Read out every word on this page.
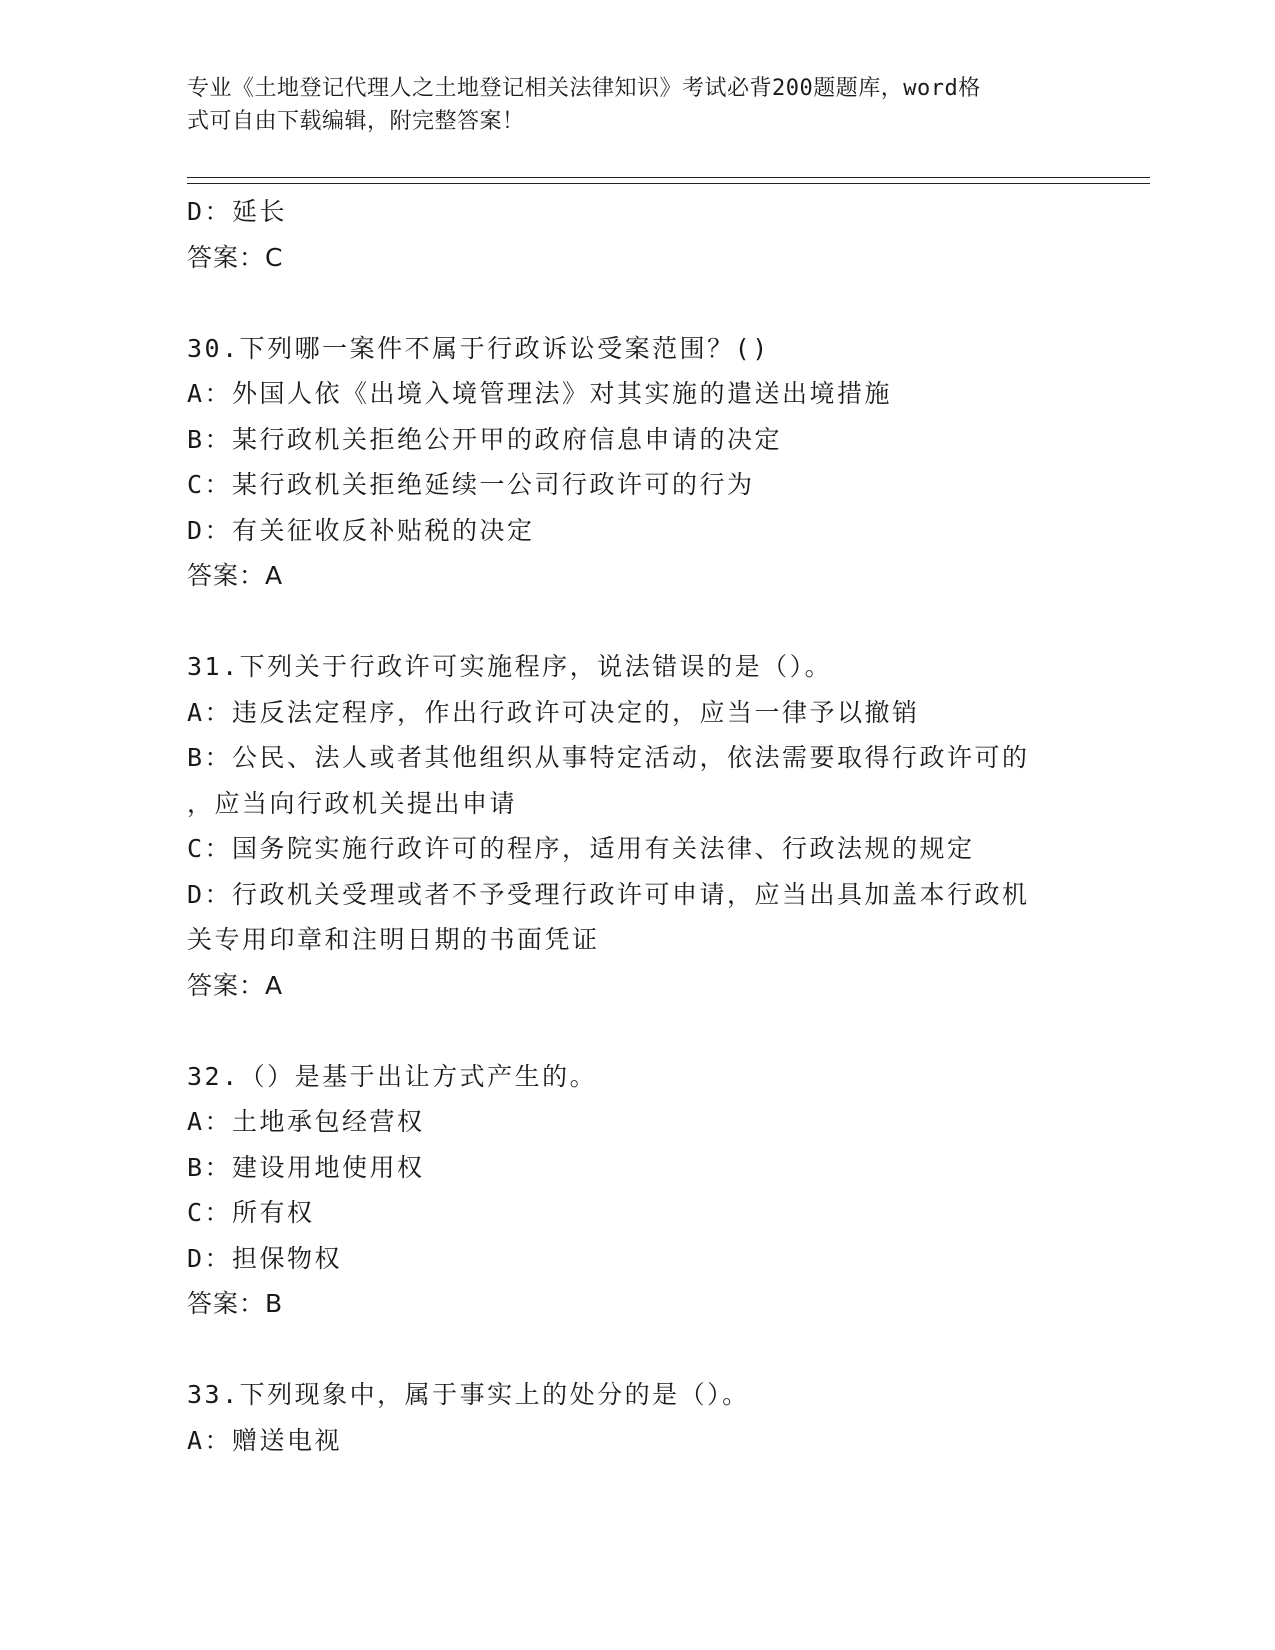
专业《土地登记代理人之土地登记相关法律知识》考试必背200题题库，word格
式可自由下载编辑，附完整答案！
D：延长
答案：C
30.下列哪一案件不属于行政诉讼受案范围？()
A：外国人依《出境入境管理法》对其实施的遣送出境措施
B：某行政机关拒绝公开甲的政府信息申请的决定
C：某行政机关拒绝延续一公司行政许可的行为
D：有关征收反补贴税的决定
答案：A
31.下列关于行政许可实施程序，说法错误的是（）。
A：违反法定程序，作出行政许可决定的，应当一律予以撤销
B：公民、法人或者其他组织从事特定活动，依法需要取得行政许可的
，应当向行政机关提出申请
C：国务院实施行政许可的程序，适用有关法律、行政法规的规定
D：行政机关受理或者不予受理行政许可申请，应当出具加盖本行政机
关专用印章和注明日期的书面凭证
答案：A
32.（）是基于出让方式产生的。
A：土地承包经营权
B：建设用地使用权
C：所有权
D：担保物权
答案：B
33.下列现象中，属于事实上的处分的是（）。
A：赠送电视
